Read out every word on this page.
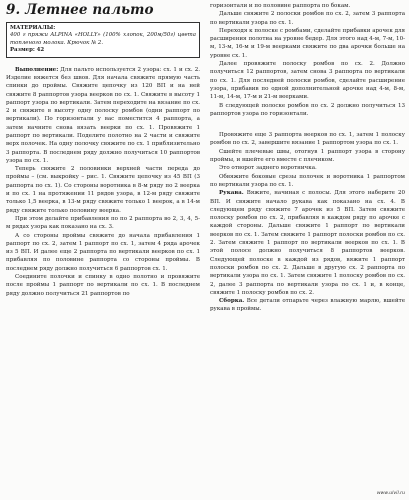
9. Летнее пальто
МАТЕРИАЛЫ:
400 г пряжи ALPINA «HOLLY» (100% хлопок, 200м/50г) цвета топленого молока. Крючок № 2.
Размер: 42

Выполнение: Для пальто используется 2 узора: сх. 1 и сх. 2. Изделие вяжется без швов. Для начала свяжите прямую часть спинки до проймы. Свяжите цепочку из 120 ВП и на ней свяжите 8 раппортов узора веерков по сх. 1. Свяжите в высоту 1 раппорт узора по вертикали. Затем переходите на вязание по сх. 2 и свяжите в высоту одну полоску ромбов (одни раппорт по вертикали). По горизонтали у вас поместится 4 раппорта, а затем начните снова вязать веерки по сх. 1. Провяжите 1 раппорт по вертикали. Поделите полотно на 2 части и свяжите верх полочек. На одну полочку свяжите по сх. 1 приблизительно 3 раппорта. В последнем ряду должно получиться 10 раппортов узора по сх. 1.

Теперь свяжите 2 половинки верхней части переда до проймы – (см. выкройку – рис. 1. Свяжите цепочку из 45 ВП (3 раппорта по сх. 1). Со стороны воротника в 8-м ряду по 2 веерка и по сх. 1 на протяжении 11 рядов узора, в 12-м ряду свяжите только 1,5 веерка, в 13-м ряду свяжите только 1 веерок, а в 14-м ряду свяжите только половину веерка.

При этом делайте прибавления по по 2 раппорта во 2, 3, 4, 5-м рядах узора как показано на сх. 3.

А со стороны проймы свяжите до начала прибавления 1 раппорт по сх. 2, затем 1 раппорт по сх. 1, затем 4 ряда арочек из 5 ВП. И далее еще 2 раппорта по вертикали веерков по сх. 1 прибавляя по половине раппорта со стороны проймы. В последнем ряду должно получиться 6 раппортов сх. 1.

Соедините полочки и спинку в одно полотно и провяжите после проймы 1 раппорт по вертикали по сх. 1. В последнем ряду должно получиться 21 раппортов по

горизонтали и по половине раппорта по бокам.

Дальше свяжите 2 полоски ромбов по сх. 2, затем 3 раппорта по вертикали узора по сх. 1.

Переходя к полоске с ромбами, сделайте прибавки арочек для расширения полотна на уровне бедер. Для этого над 4-м, 7-м, 10-м, 13-м, 16-м и 19-м веерками свяжите по два арочки больше на уровне сх. 1.

Далее провяжите полоску ромбов по сх. 2. Должно получиться 12 раппортов, затем снова 3 раппорта по вертикали по сх. 1. Для последней полоски ромбов, сделайте расширение узора, прибавив по одной дополнительной арочке над 4-м, 8-м, 11-м, 14-м, 17-м и 21-м веерками.

В следующей полоске ромбов по сх. 2 должно получиться 13 раппортов узора по горизонтали.

Провяжите еще 3 раппорта веерков по сх. 1, затем 1 полоску ромбов по сх. 2, завершите вязание 1 раппортом узора по сх. 1.

Сшейте плечевые швы, отогнув 1 раппорт узора в сторону проймы, и вшейте его вместе с плечиком.

Это отворот заднего воротничка.

Обвяжите боковые срезы полочек и воротника 1 раппортом по вертикали узора по сх. 1.

Рукава. Вяжите, начиная с полосы. Для этого наберите 20 ВП. И свяжите начало рукава как показано на сх. 4. В следующем ряду свяжите 7 арочек из 5 ВП. Затем свяжите полоску ромбов по сх. 2, прибавляя в каждом ряду по арочке с каждой стороны. Дальше свяжите 1 раппорт по вертикали веерков по сх. 1. Затем свяжите 1 раппорт полоски ромбов по сх. 2. Затем свяжите 1 раппорт по вертикали веерков по сх. 1. В этой полосе должно получиться 8 раппортов веерков. Следующей полоске в каждой из рядов, вяжите 1 раппорт полоски ромбов по сх. 2. Дальше в другую сх. 2 раппорта по вертикали узора по сх. 1. Затем свяжите 1 полоску ромбов по сх. 2, далее 3 раппорта по вертикали узора по сх. 1 и, в конце, свяжите 1 полоску ромбов по сх. 2.

Сборка. Все детали отпарьте через влажную марлю, вшейте рукава в проймы.

www.ulvil.ru
